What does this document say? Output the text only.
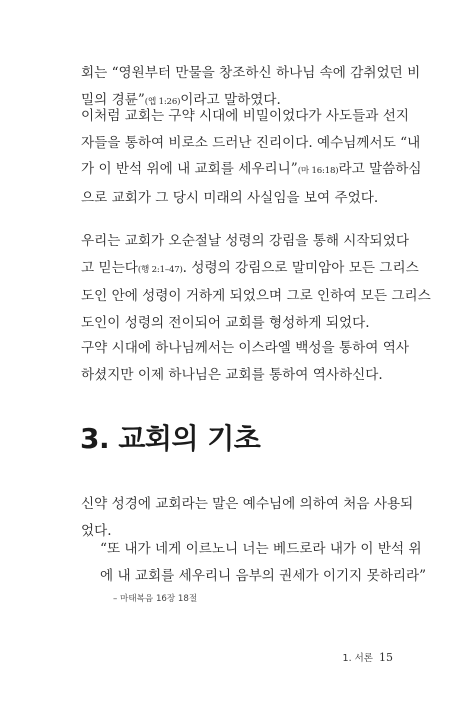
회는 “영원부터 만물을 창조하신 하나님 속에 감취었던 비
밀의 경륜”(엡 1:26)이라고 말하였다.
이처럼 교회는 구약 시대에 비밀이었다가 사도들과 선지
자들을 통하여 비로소 드러난 진리이다. 예수님께서도 “내
가 이 반석 위에 내 교회를 세우리니”(마 16:18)라고 말씀하심
으로 교회가 그 당시 미래의 사실임을 보여 주었다.
우리는 교회가 오순절날 성령의 강림을 통해 시작되었다
고 믿는다(행 2:1–47). 성령의 강림으로 말미암아 모든 그리스
도인 안에 성령이 거하게 되었으며 그로 인하여 모든 그리스
도인이 성령의 전이되어 교회를 형성하게 되었다.
구약 시대에 하나님께서는 이스라엘 백성을 통하여 역사
하셨지만 이제 하나님은 교회를 통하여 역사하신다.
3. 교회의 기초
신약 성경에 교회라는 말은 예수님에 의하여 처음 사용되
었다.
“또 내가 네게 이르노니 너는 베드로라 내가 이 반석 위
에 내 교회를 세우리니 음부의 권세가 이기지 못하리라”
– 마태복음 16장 18절
1. 서론 15
